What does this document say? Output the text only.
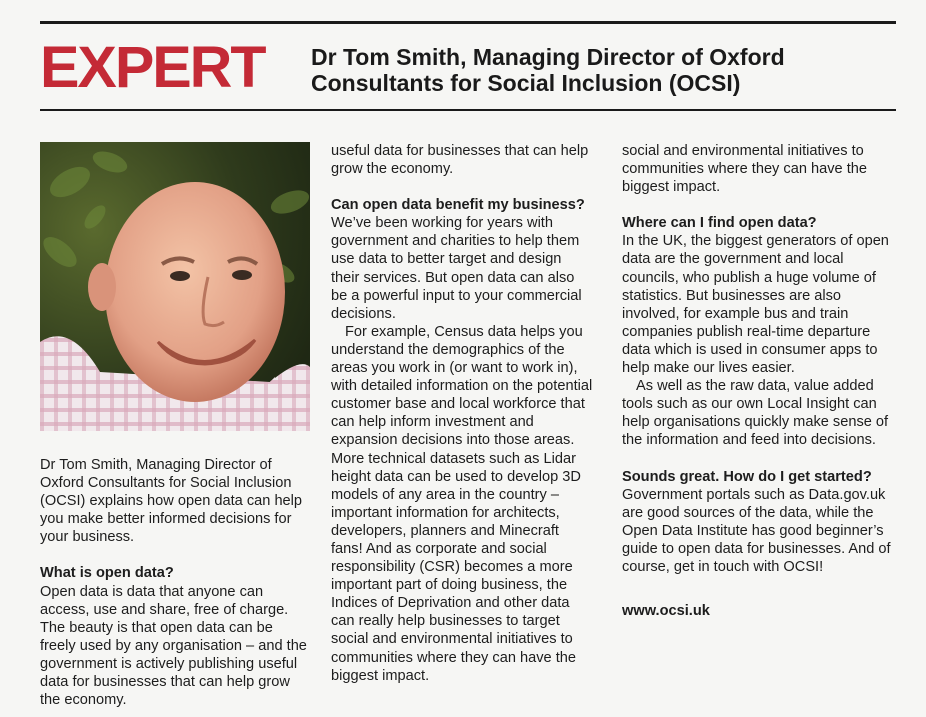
EXPERT Dr Tom Smith, Managing Director of Oxford Consultants for Social Inclusion (OCSI)

Dr Tom Smith, Managing Director of Oxford Consultants for Social Inclusion (OCSI) explains how open data can help you make better informed decisions for your business.

What is open data?

Open data is data that anyone can access, use and share, free of charge. The beauty is that open data can be freely used by any organisation – and the government is actively publishing useful data for businesses that can help grow the economy.

useful data for businesses that can help grow the economy.

Can open data benefit my business?

We’ve been working for years with government and charities to help them use data to better target and design their services. But open data can also be a powerful input to your commercial decisions.

For example, Census data helps you understand the demographics of the areas you work in (or want to work in), with detailed information on the potential customer base and local workforce that can help inform investment and expansion decisions into those areas. More technical datasets such as Lidar height data can be used to develop 3D models of any area in the country – important information for architects, developers, planners and Minecraft fans! And as corporate and social responsibility (CSR) becomes a more important part of doing business, the Indices of Deprivation and other data can really help businesses to target social and environmental initiatives to communities where they can have the biggest impact.

social and environmental initiatives to communities where they can have the biggest impact.

Where can I find open data?

In the UK, the biggest generators of open data are the government and local councils, who publish a huge volume of statistics. But businesses are also involved, for example bus and train companies publish real-time departure data which is used in consumer apps to help make our lives easier.

As well as the raw data, value added tools such as our own Local Insight can help organisations quickly make sense of the information and feed into decisions.

Sounds great. How do I get started?

Government portals such as Data.gov.uk are good sources of the data, while the Open Data Institute has good beginner’s guide to open data for businesses. And of course, get in touch with OCSI!

www.ocsi.uk
